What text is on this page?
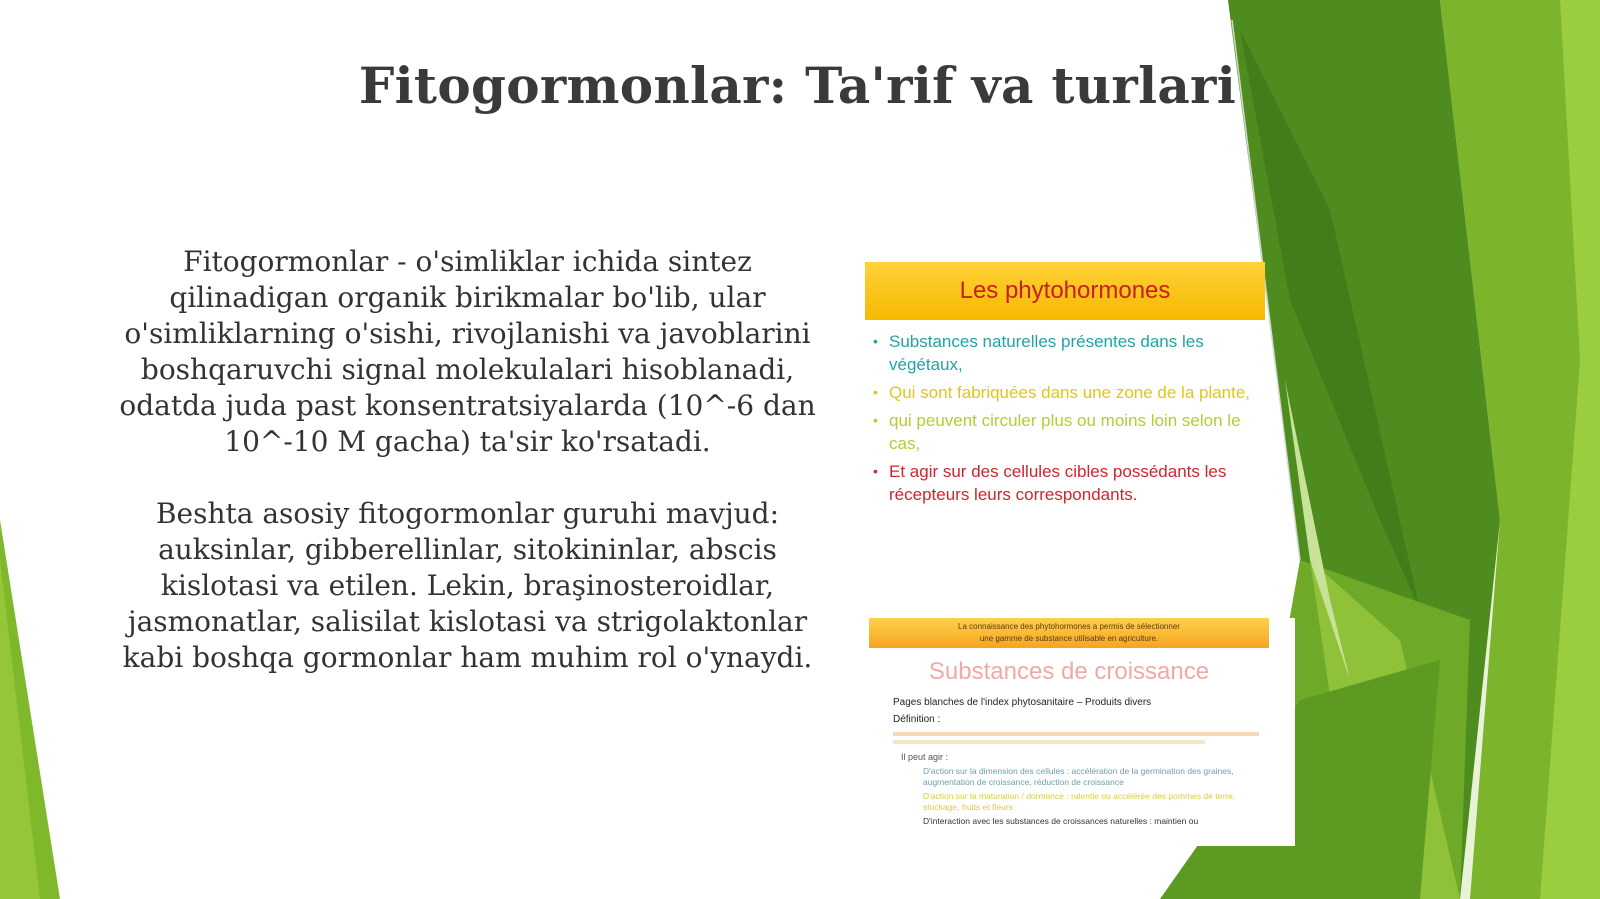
Fitogormonlar: Ta'rif va turlari

Fitogormonlar - o'simliklar ichida sintez qilinadigan organik birikmalar bo'lib, ular o'simliklarning o'sishi, rivojlanishi va javoblarini boshqaruvchi signal molekulalari hisoblanadi, odatda juda past konsentratsiyalarda (10^-6 dan 10^-10 M gacha) ta'sir ko'rsatadi.

Beshta asosiy fitogormonlar guruhi mavjud: auksinlar, gibberellinlar, sitokininlar, abscis kislotasi va etilen. Lekin, braşinosteroidlar, jasmonatlar, salisilat kislotasi va strigolaktonlar kabi boshqa gormonlar ham muhim rol o'ynaydi.

Les phytohormones
• Substances naturelles présentes dans les végétaux,
• Qui sont fabriquées dans une zone de la plante,
• qui peuvent circuler plus ou moins loin selon le cas,
• Et agir sur des cellules cibles possédants les récepteurs leurs correspondants.
La connaissance des phytohormones a permis de sélectionner
une gamme de substance utilisable en agriculture.
Substances de croissance
Pages blanches de l'index phytosanitaire – Produits divers
Définition :
Il peut agir :
D'action sur la dimension des cellules : accélération de la germination des graines, augmentation de croissance, réduction de croissance
D'action sur la maturation / dormance : ralentie ou accélérée des pommes de terre, stockage, fruits et fleurs
D'interaction avec les substances de croissances naturelles : maintien ou
